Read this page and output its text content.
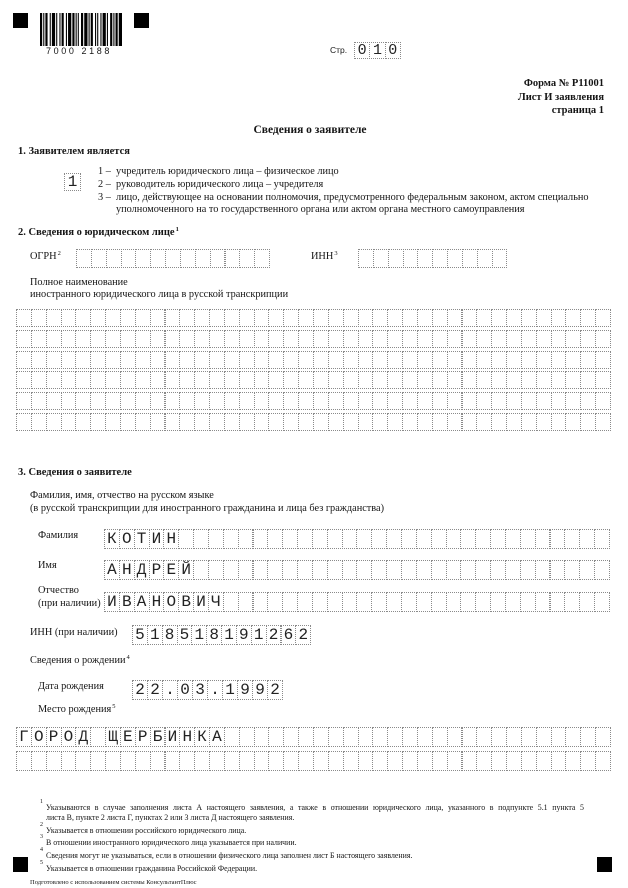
7000 2188	Стр. 0 1 0
Форма № Р11001
Лист И заявления
страница 1
Сведения о заявителе
1. Заявителем является
1
1 – учредитель юридического лица – физическое лицо
2 – руководитель юридического лица – учредителя
3 – лицо, действующее на основании полномочия, предусмотренного федеральным законом, актом специально
уполномоченного на то государственного органа или актом органа местного самоуправления
2. Сведения о юридическом лице$^1$
ОГРН$^2$	ИНН$^3$
Полное наименование
иностранного юридического лица в русской транскрипции
3. Сведения о заявителе
Фамилия, имя, отчество на русском языке
(в русской транскрипции для иностранного гражданина и лица без гражданства)
Фамилия К О Т И Н
Имя	А Н Д Р Е Й
Отчество
(при наличии) И В А Н О В И Ч
ИНН (при наличии) 5 1 8 5 1 8 1 9 1 2 6 2
Сведения о рождении$^4$
Дата рождения 2 2 . 0 3 . 1 9 9 2
Место рождения$^5$
Г О Р О Д
Щ Е Р Б И Н К А
1
Указываются в случае заполнения листа А настоящего заявления, а также в отношении юридического лица, указанного в подпункте 5.1 пункта 5
листа В, пункте 2 листа Г, пунктах 2 или 3 листа Д настоящего заявления.
2
Указывается в отношении российского юридического лица.
3
В отношении иностранного юридического лица указывается при наличии.
4
Сведения могут не указываться, если в отношении физического лица заполнен лист Б настоящего заявления.
5
Указывается в отношении гражданина Российской Федерации.
Подготовлено с использованием системы КонсультантПлюс
